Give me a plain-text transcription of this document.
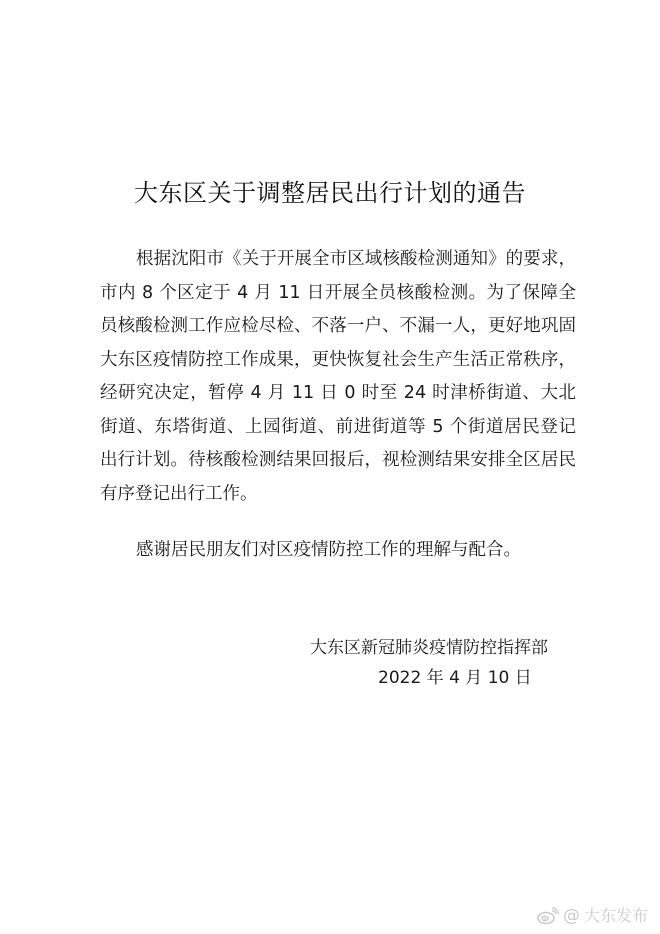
大东区关于调整居民出行计划的通告

根据沈阳市《关于开展全市区域核酸检测通知》的要求，市内 8 个区定于 4 月 11 日开展全员核酸检测。为了保障全员核酸检测工作应检尽检、不落一户、不漏一人，更好地巩固大东区疫情防控工作成果，更快恢复社会生产生活正常秩序，经研究决定，暂停 4 月 11 日 0 时至 24 时津桥街道、大北街道、东塔街道、上园街道、前进街道等 5 个街道居民登记出行计划。待核酸检测结果回报后，视检测结果安排全区居民有序登记出行工作。

感谢居民朋友们对区疫情防控工作的理解与配合。

大东区新冠肺炎疫情防控指挥部

2022 年 4 月 10 日

@ 大东发布
